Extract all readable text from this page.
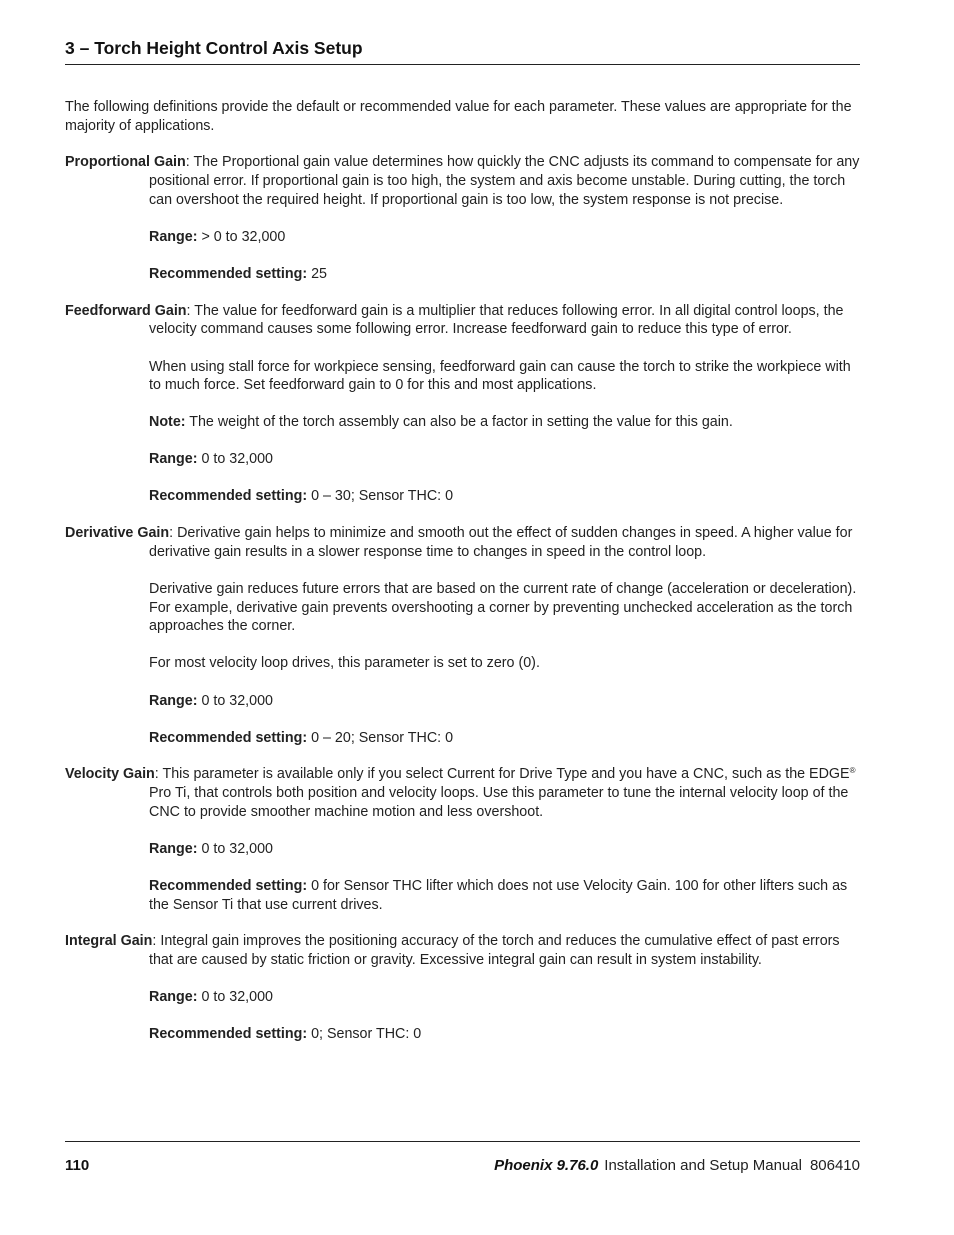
3 – Torch Height Control Axis Setup

The following definitions provide the default or recommended value for each parameter. These values are appropriate for the majority of applications.

Proportional Gain: The Proportional gain value determines how quickly the CNC adjusts its command to compensate for any positional error. If proportional gain is too high, the system and axis become unstable. During cutting, the torch can overshoot the required height. If proportional gain is too low, the system response is not precise.

Range: > 0 to 32,000

Recommended setting: 25

Feedforward Gain: The value for feedforward gain is a multiplier that reduces following error. In all digital control loops, the velocity command causes some following error. Increase feedforward gain to reduce this type of error.

When using stall force for workpiece sensing, feedforward gain can cause the torch to strike the workpiece with to much force. Set feedforward gain to 0 for this and most applications.

Note: The weight of the torch assembly can also be a factor in setting the value for this gain.

Range: 0 to 32,000

Recommended setting: 0 – 30; Sensor THC: 0

Derivative Gain: Derivative gain helps to minimize and smooth out the effect of sudden changes in speed. A higher value for derivative gain results in a slower response time to changes in speed in the control loop.

Derivative gain reduces future errors that are based on the current rate of change (acceleration or deceleration). For example, derivative gain prevents overshooting a corner by preventing unchecked acceleration as the torch approaches the corner.

For most velocity loop drives, this parameter is set to zero (0).

Range: 0 to 32,000

Recommended setting: 0 – 20; Sensor THC: 0

Velocity Gain: This parameter is available only if you select Current for Drive Type and you have a CNC, such as the EDGE® Pro Ti, that controls both position and velocity loops. Use this parameter to tune the internal velocity loop of the CNC to provide smoother machine motion and less overshoot.

Range: 0 to 32,000

Recommended setting: 0 for Sensor THC lifter which does not use Velocity Gain. 100 for other lifters such as the Sensor Ti that use current drives.

Integral Gain: Integral gain improves the positioning accuracy of the torch and reduces the cumulative effect of past errors that are caused by static friction or gravity. Excessive integral gain can result in system instability.

Range: 0 to 32,000

Recommended setting: 0; Sensor THC: 0

110	Phoenix 9.76.0 Installation and Setup Manual 806410
